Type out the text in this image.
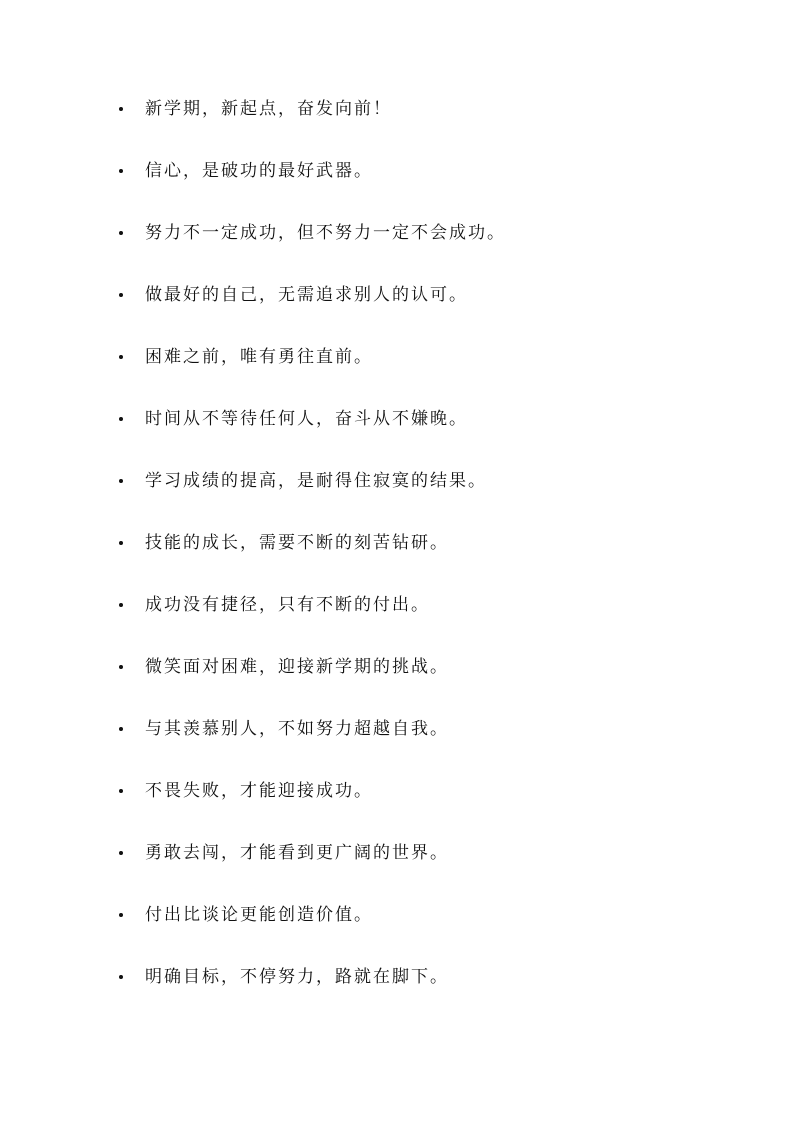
新学期，新起点，奋发向前！
信心，是破功的最好武器。
努力不一定成功，但不努力一定不会成功。
做最好的自己，无需追求别人的认可。
困难之前，唯有勇往直前。
时间从不等待任何人，奋斗从不嫌晚。
学习成绩的提高，是耐得住寂寞的结果。
技能的成长，需要不断的刻苦钻研。
成功没有捷径，只有不断的付出。
微笑面对困难，迎接新学期的挑战。
与其羡慕别人，不如努力超越自我。
不畏失败，才能迎接成功。
勇敢去闯，才能看到更广阔的世界。
付出比谈论更能创造价值。
明确目标，不停努力，路就在脚下。
